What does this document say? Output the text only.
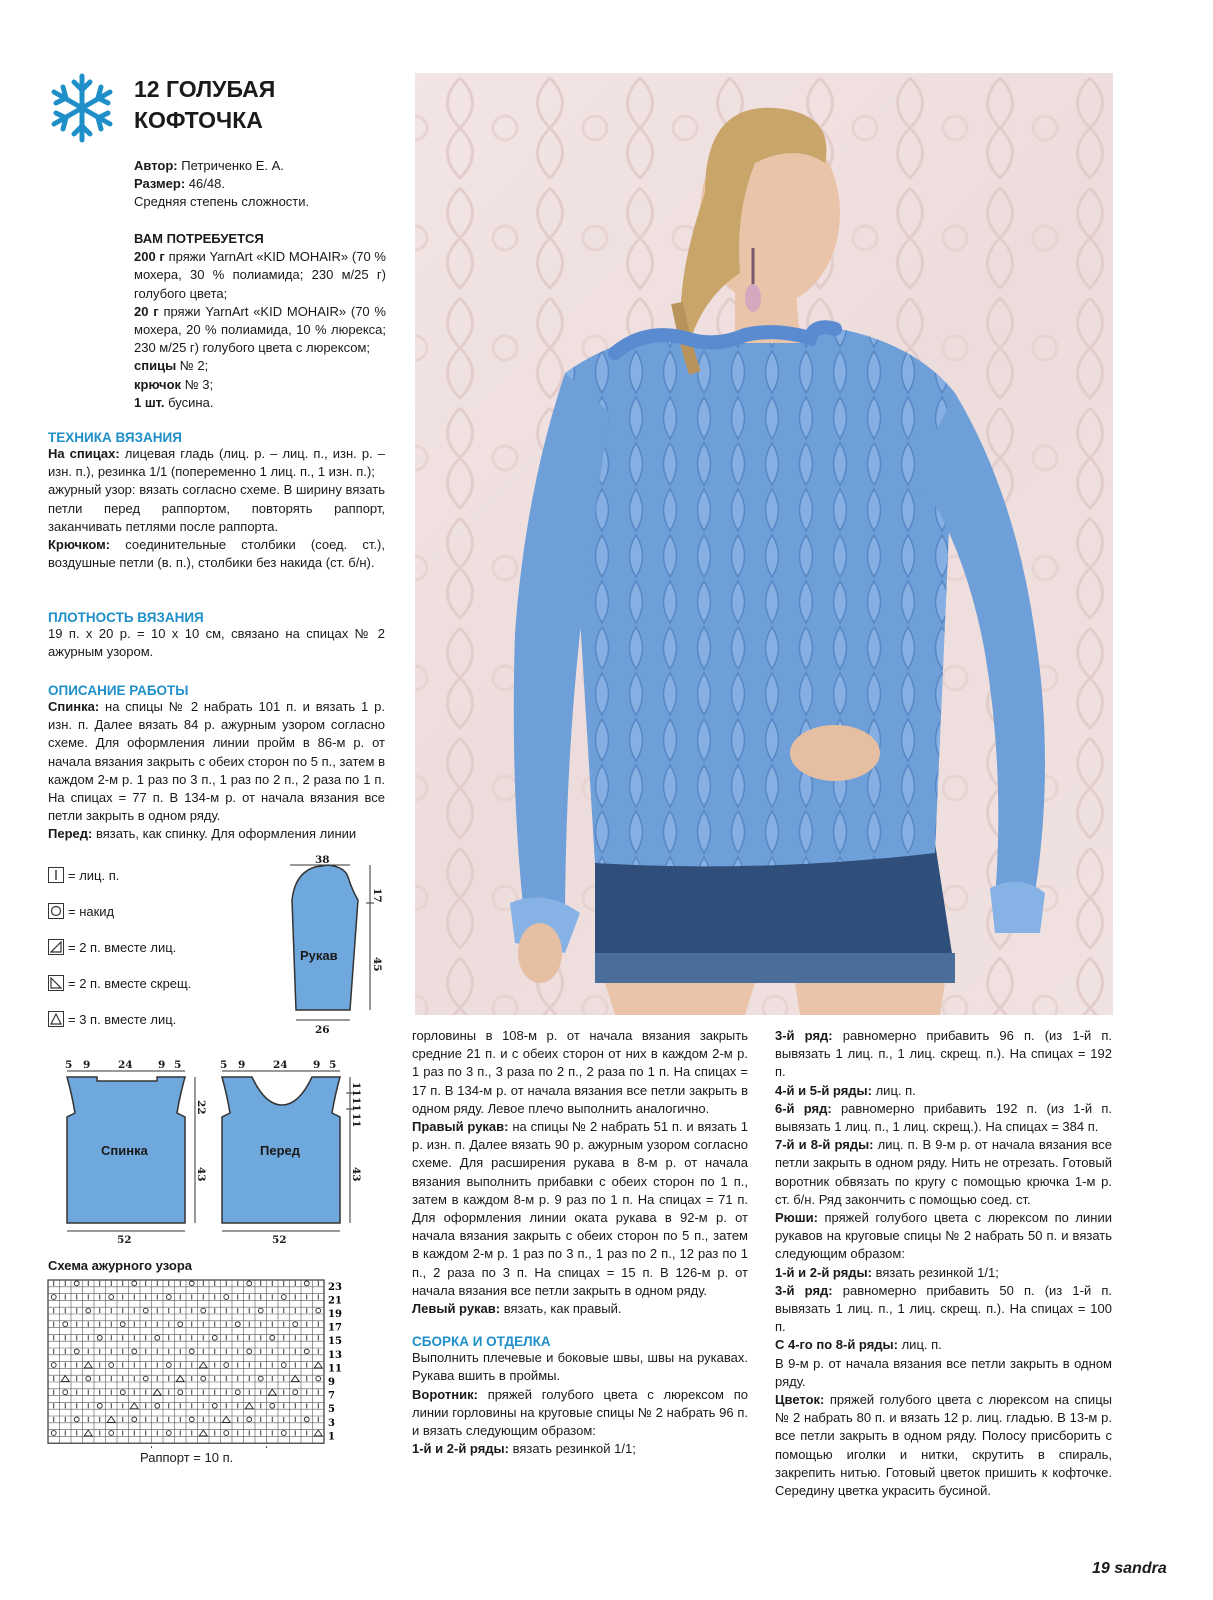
12 ГОЛУБАЯ
КОФТОЧКА

Автор: Петриченко Е. А.

Размер: 46/48.

Средняя степень сложности.

ВАМ ПОТРЕБУЕТСЯ

200 г пряжи YarnArt «KID MOHAIR» (70 % мохера, 30 % полиамида; 230 м/25 г) голубого цвета;

20 г пряжи YarnArt «KID MOHAIR» (70 % мохера, 20 % полиамида, 10 % люрекса; 230 м/25 г) голубого цвета с люрексом;

спицы № 2;

крючок № 3;

1 шт. бусина.

ТЕХНИКА ВЯЗАНИЯ

На спицах: лицевая гладь (лиц. р. – лиц. п., изн. р. – изн. п.), резинка 1/1 (попеременно 1 лиц. п., 1 изн. п.);

ажурный узор: вязать согласно схеме. В ширину вязать петли перед раппортом, повторять раппорт, заканчивать петлями после раппорта.

Крючком: соединительные столбики (соед. ст.), воздушные петли (в. п.), столбики без накида (ст. б/н).

ПЛОТНОСТЬ ВЯЗАНИЯ

19 п. х 20 р. = 10 х 10 см, связано на спицах № 2 ажурным узором.

ОПИСАНИЕ РАБОТЫ

Спинка: на спицы № 2 набрать 101 п. и вязать 1 р. изн. п. Далее вязать 84 р. ажурным узором согласно схеме. Для оформления линии пройм в 86-м р. от начала вязания закрыть с обеих сторон по 5 п., затем в каждом 2-м р. 1 раз по 3 п., 1 раз по 2 п., 2 раза по 1 п. На спицах = 77 п. В 134-м р. от начала вязания все петли закрыть в одном ряду.

Перед: вязать, как спинку. Для оформления линии

= лиц. п.
= накид
= 2 п. вместе лиц.
= 2 п. вместе скрещ.
= 3 п. вместе лиц.
38
17
45
26
Рукав
5 9	24 9 5
22
43
52
Спинка
5 9	24 9 5
11
11
11
43
52
Перед
Схема ажурного узора
23
21
19
17
15
13
11
9
7
5
3
1
Раппорт = 10 п.

горловины в 108-м р. от начала вязания закрыть средние 21 п. и с обеих сторон от них в каждом 2-м р. 1 раз по 3 п., 3 раза по 2 п., 2 раза по 1 п. На спицах = 17 п. В 134-м р. от начала вязания все петли закрыть в одном ряду. Левое плечо выполнить аналогично.

Правый рукав: на спицы № 2 набрать 51 п. и вязать 1 р. изн. п. Далее вязать 90 р. ажурным узором согласно схеме. Для расширения рукава в 8-м р. от начала вязания выполнить прибавки с обеих сторон по 1 п., затем в каждом 8-м р. 9 раз по 1 п. На спицах = 71 п. Для оформления линии оката рукава в 92-м р. от начала вязания закрыть с обеих сторон по 5 п., затем в каждом 2-м р. 1 раз по 3 п., 1 раз по 2 п., 12 раз по 1 п., 2 раза по 3 п. На спицах = 15 п. В 126-м р. от начала вязания все петли закрыть в одном ряду.

Левый рукав: вязать, как правый.

СБОРКА И ОТДЕЛКА

Выполнить плечевые и боковые швы, швы на рукавах. Рукава вшить в проймы.

Воротник: пряжей голубого цвета с люрексом по линии горловины на круговые спицы № 2 набрать 96 п. и вязать следующим образом:

1-й и 2-й ряды: вязать резинкой 1/1;

3-й ряд: равномерно прибавить 96 п. (из 1-й п. вывязать 1 лиц. п., 1 лиц. скрещ. п.). На спицах = 192 п.

4-й и 5-й ряды: лиц. п.

6-й ряд: равномерно прибавить 192 п. (из 1-й п. вывязать 1 лиц. п., 1 лиц. скрещ.). На спицах = 384 п.

7-й и 8-й ряды: лиц. п. В 9-м р. от начала вязания все петли закрыть в одном ряду. Нить не отрезать. Готовый воротник обвязать по кругу с помощью крючка 1-м р. ст. б/н. Ряд закончить с помощью соед. ст.

Рюши: пряжей голубого цвета с люрексом по линии рукавов на круговые спицы № 2 набрать 50 п. и вязать следующим образом:

1-й и 2-й ряды: вязать резинкой 1/1;

3-й ряд: равномерно прибавить 50 п. (из 1-й п. вывязать 1 лиц. п., 1 лиц. скрещ. п.). На спицах = 100 п.

С 4-го по 8-й ряды: лиц. п.

В 9-м р. от начала вязания все петли закрыть в одном ряду.

Цветок: пряжей голубого цвета с люрексом на спицы № 2 набрать 80 п. и вязать 12 р. лиц. гладью. В 13-м р. все петли закрыть в одном ряду. Полосу присборить с помощью иголки и нитки, скрутить в спираль, закрепить нитью. Готовый цветок пришить к кофточке. Середину цветка украсить бусиной.

19 sandra
